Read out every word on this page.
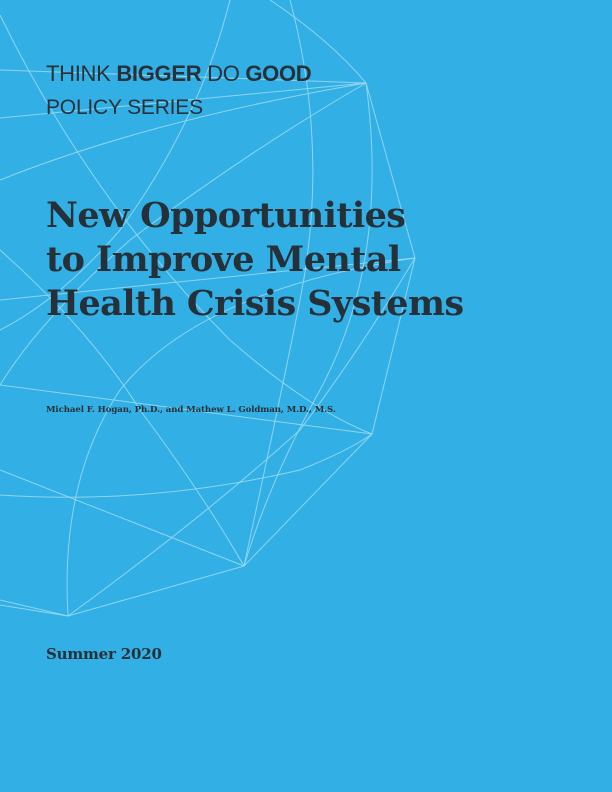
THINK BIGGER DO GOOD
POLICY SERIES
New Opportunities
to Improve Mental
Health Crisis Systems
Michael F. Hogan, Ph.D., and Mathew L. Goldman, M.D., M.S.
Summer 2020
